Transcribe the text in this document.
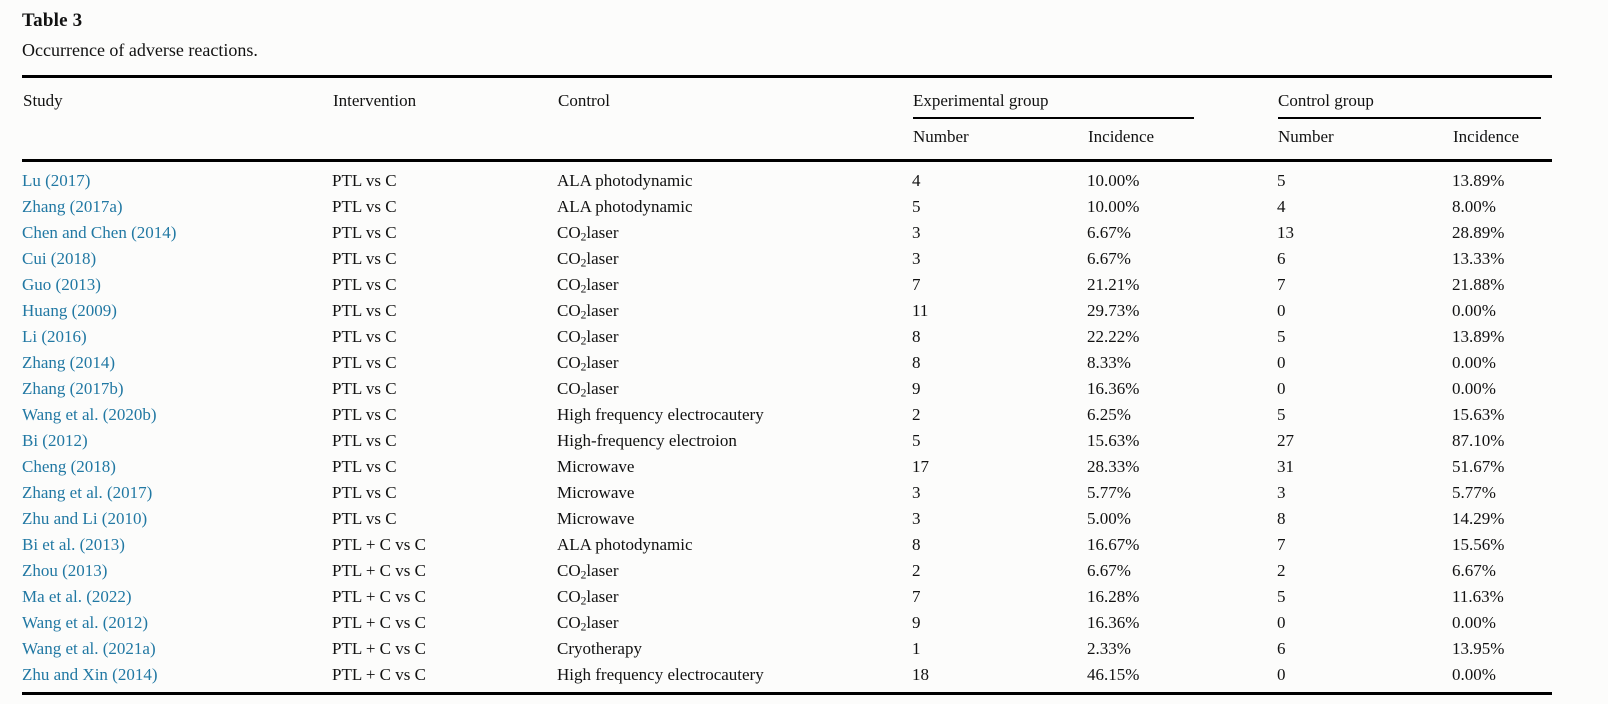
Table 3

Occurrence of adverse reactions.

Study	Intervention	Control	Experimental group		Control group	

			Number	Incidence	Number	Incidence
Lu (2017)	PTL vs C	ALA photodynamic	4	10.00%	5	13.89%
Zhang (2017a)	PTL vs C	ALA photodynamic	5	10.00%	4	8.00%
Chen and Chen (2014)	PTL vs C	$CO_2laser$	3	6.67%	13	28.89%
Cui (2018)	PTL vs C	$CO_2laser$	3	6.67%	6	13.33%
Guo (2013)	PTL vs C	$CO_2laser$	7	21.21%	7	21.88%
Huang (2009)	PTL vs C	$CO_2laser$	11	29.73%	0	0.00%
Li (2016)	PTL vs C	$CO_2laser$	8	22.22%	5	13.89%
Zhang (2014)	PTL vs C	$CO_2laser$	8	8.33%	0	0.00%
Zhang (2017b)	PTL vs C	$CO_2laser$	9	16.36%	0	0.00%
Wang et al. (2020b)	PTL vs C	High frequency electrocautery	2	6.25%	5	15.63%
Bi (2012)	PTL vs C	High-frequency electroion	5	15.63%	27	87.10%
Cheng (2018)	PTL vs C	Microwave	17	28.33%	31	51.67%
Zhang et al. (2017)	PTL vs C	Microwave	3	5.77%	3	5.77%
Zhu and Li (2010)	PTL vs C	Microwave	3	5.00%	8	14.29%
Bi et al. (2013)	PTL + C vs C	ALA photodynamic	8	16.67%	7	15.56%
Zhou (2013)	PTL + C vs C	$CO_2laser$	2	6.67%	2	6.67%
Ma et al. (2022)	PTL + C vs C	$CO_2laser$	7	16.28%	5	11.63%
Wang et al. (2012)	PTL + C vs C	$CO_2laser$	9	16.36%	0	0.00%
Wang et al. (2021a)	PTL + C vs C	Cryotherapy	1	2.33%	6	13.95%
Zhu and Xin (2014)	PTL + C vs C	High frequency electrocautery	18	46.15%	0	0.00%
